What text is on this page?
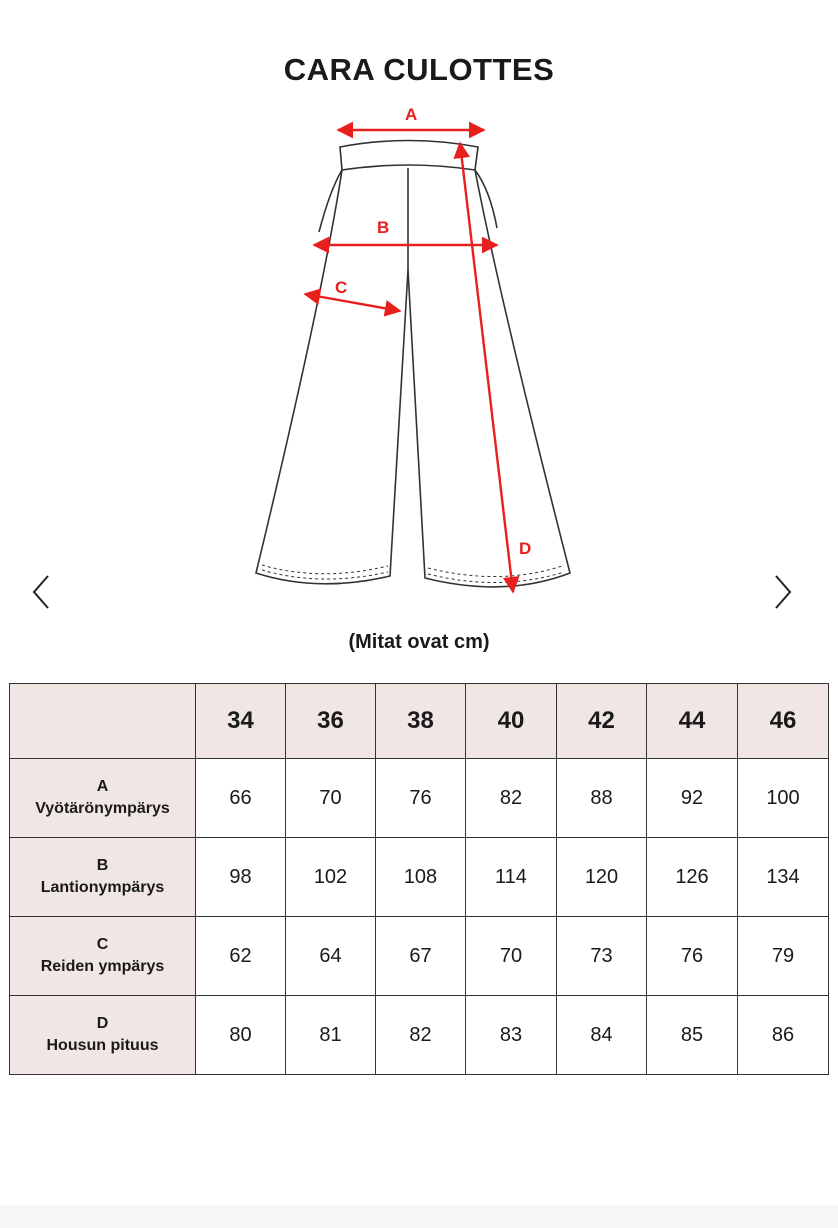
CARA CULOTTES
A
B
C
D
(Mitat ovat cm)
	34	36	38	40	42	44	46

A
Vyötärönympärys	66	70	76	82	88	92	100

B
Lantionympärys	98	102	108	114	120	126	134

C
Reiden ympärys	62	64	67	70	73	76	79

D
Housun pituus	80	81	82	83	84	85	86
